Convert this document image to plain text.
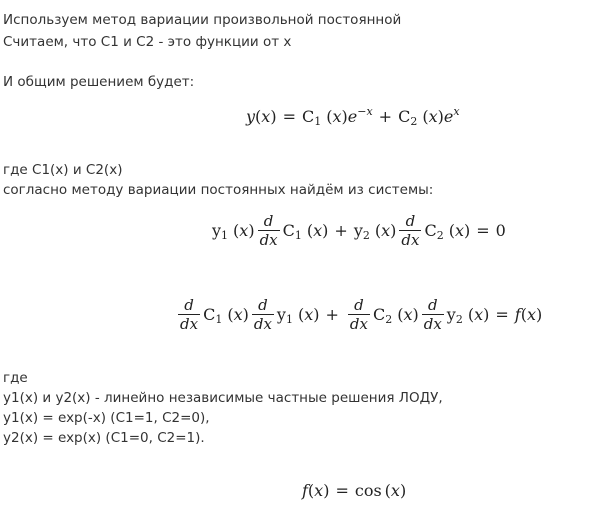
Используем метод вариации произвольной постоянной
Считаем, что C1 и C2 - это функции от x
И общим решением будет:
$y(x) = C_1$ $(x)e^{-x} + C_2$ $(x)e^x$
где C1(x) и C2(x)
согласно методу вариации постоянных найдём из системы:
$y_1$ $(x) \frac{d}{dx} C_1$ $(x) + y_2$ $(x) \frac{d}{dx} C_2$ (x) = 0
$\frac{d}{dx} C_1$ $(x) \frac{d}{dx} y_1$ $(x) + \frac{d}{dx} C_2$ $(x) \frac{d}{dx} y_2$ (x) = f(x)
где
y1(x) и y2(x) - линейно независимые частные решения ЛОДУ,
y1(x) = exp(-x) (C1=1, C2=0),
y2(x) = exp(x) (C1=0, C2=1).
f(x) = cos (x)
